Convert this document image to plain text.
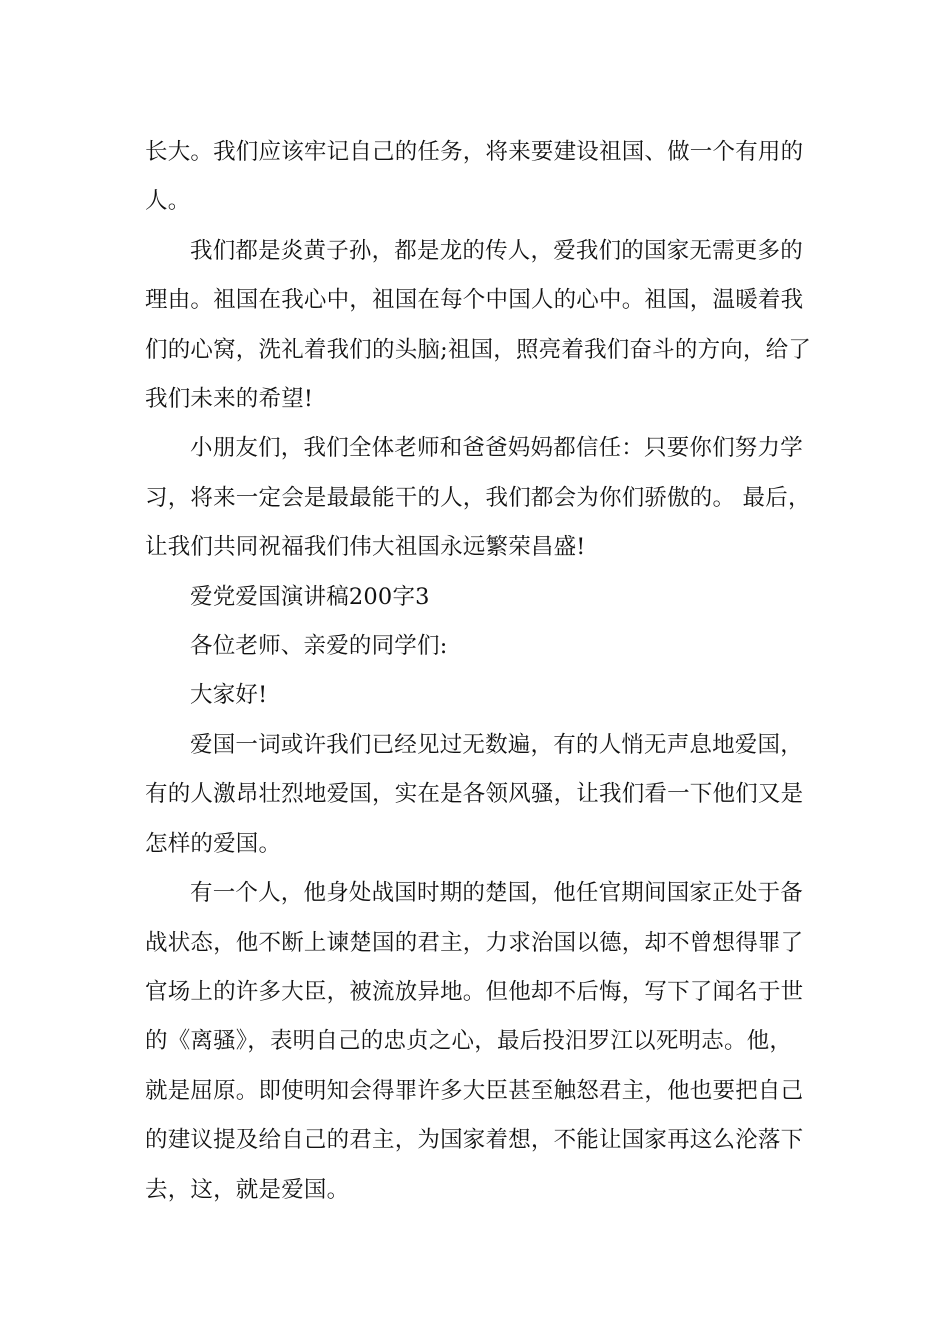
长大。我们应该牢记自己的任务，将来要建设祖国、做一个有用的
人。

我们都是炎黄子孙，都是龙的传人，爱我们的国家无需更多的
理由。祖国在我心中，祖国在每个中国人的心中。祖国，温暖着我
们的心窝，洗礼着我们的头脑;祖国，照亮着我们奋斗的方向，给了
我们未来的希望!

小朋友们，我们全体老师和爸爸妈妈都信任：只要你们努力学
习，将来一定会是最最能干的人，我们都会为你们骄傲的。 最后，
让我们共同祝福我们伟大祖国永远繁荣昌盛!

爱党爱国演讲稿200字3

各位老师、亲爱的同学们:

大家好!

爱国一词或许我们已经见过无数遍，有的人悄无声息地爱国，
有的人激昂壮烈地爱国，实在是各领风骚，让我们看一下他们又是
怎样的爱国。

有一个人，他身处战国时期的楚国，他任官期间国家正处于备
战状态，他不断上谏楚国的君主，力求治国以德，却不曾想得罪了
官场上的许多大臣，被流放异地。但他却不后悔，写下了闻名于世
的《离骚》，表明自己的忠贞之心，最后投汨罗江以死明志。他，
就是屈原。即使明知会得罪许多大臣甚至触怒君主，他也要把自己
的建议提及给自己的君主，为国家着想，不能让国家再这么沦落下
去，这，就是爱国。
